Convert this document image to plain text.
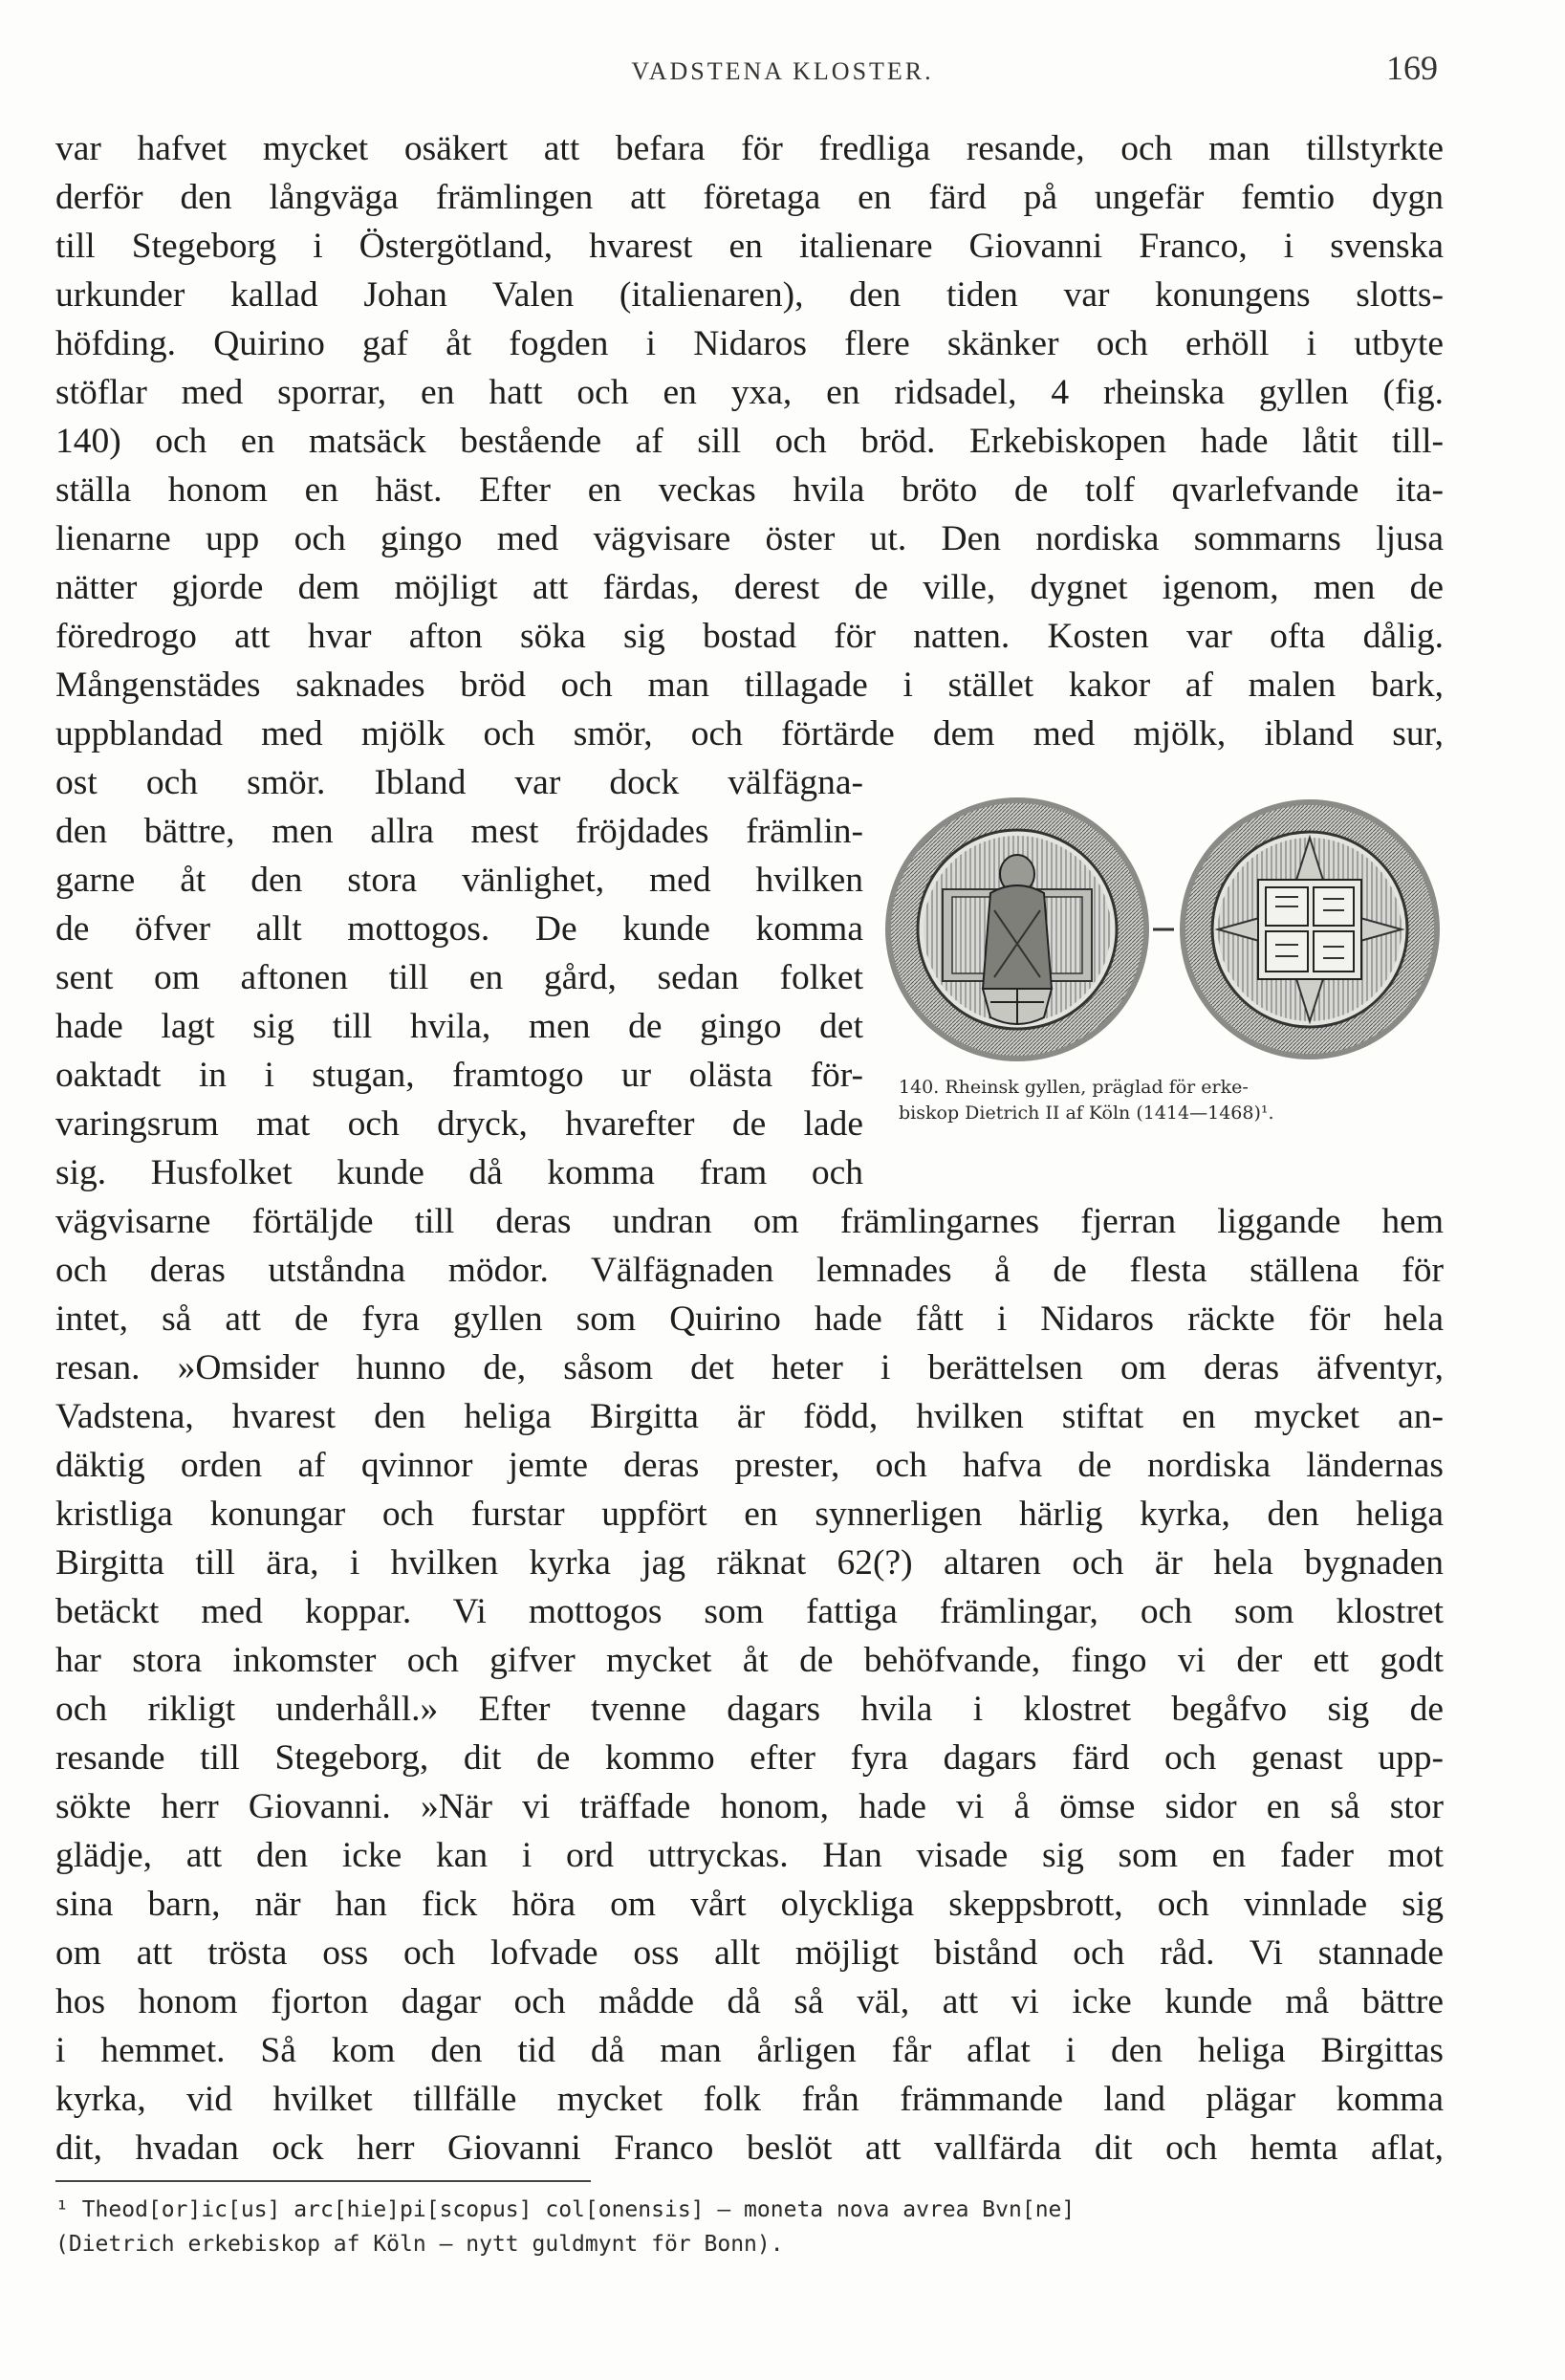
VADSTENA KLOSTER.	169
var hafvet mycket osäkert att befara för fredliga resande, och man tillstyrkte
derför den långväga främlingen att företaga en färd på ungefär femtio dygn
till Stegeborg i Östergötland, hvarest en italienare Giovanni Franco, i svenska
urkunder kallad Johan Valen (italienaren), den tiden var konungens slotts-
höfding. Quirino gaf åt fogden i Nidaros flere skänker och erhöll i utbyte
stöflar med sporrar, en hatt och en yxa, en ridsadel, 4 rheinska gyllen (fig.
140) och en matsäck bestående af sill och bröd. Erkebiskopen hade låtit till-
ställa honom en häst. Efter en veckas hvila bröto de tolf qvarlefvande ita-
lienarne upp och gingo med vägvisare öster ut. Den nordiska sommarns ljusa
nätter gjorde dem möjligt att färdas, derest de ville, dygnet igenom, men de
föredrogo att hvar afton söka sig bostad för natten. Kosten var ofta dålig.
Mångenstädes saknades bröd och man tillagade i stället kakor af malen bark,
uppblandad med mjölk och smör, och förtärde dem med mjölk, ibland sur,
ost och smör. Ibland var dock välfägna-
den bättre, men allra mest fröjdades främlin-
garne åt den stora vänlighet, med hvilken
de öfver allt mottogos. De kunde komma
sent om aftonen till en gård, sedan folket
hade lagt sig till hvila, men de gingo det
oaktadt in i stugan, framtogo ur olästa för-
varingsrum mat och dryck, hvarefter de lade
sig. Husfolket kunde då komma fram och
vägvisarne förtäljde till deras undran om främlingarnes fjerran liggande hem
och deras utståndna mödor. Välfägnaden lemnades å de flesta ställena för
intet, så att de fyra gyllen som Quirino hade fått i Nidaros räckte för hela
resan. »Omsider hunno de, såsom det heter i berättelsen om deras äfventyr,
Vadstena, hvarest den heliga Birgitta är född, hvilken stiftat en mycket an-
däktig orden af qvinnor jemte deras prester, och hafva de nordiska ländernas
kristliga konungar och furstar uppfört en synnerligen härlig kyrka, den heliga
Birgitta till ära, i hvilken kyrka jag räknat 62(?) altaren och är hela bygnaden
betäckt med koppar. Vi mottogos som fattiga främlingar, och som klostret
har stora inkomster och gifver mycket åt de behöfvande, fingo vi der ett godt
och rikligt underhåll.» Efter tvenne dagars hvila i klostret begåfvo sig de
resande till Stegeborg, dit de kommo efter fyra dagars färd och genast upp-
sökte herr Giovanni. »När vi träffade honom, hade vi å ömse sidor en så stor
glädje, att den icke kan i ord uttryckas. Han visade sig som en fader mot
sina barn, när han fick höra om vårt olyckliga skeppsbrott, och vinnlade sig
om att trösta oss och lofvade oss allt möjligt bistånd och råd. Vi stannade
hos honom fjorton dagar och mådde då så väl, att vi icke kunde må bättre
i hemmet. Så kom den tid då man årligen får aflat i den heliga Birgittas
kyrka, vid hvilket tillfälle mycket folk från främmande land plägar komma
dit, hvadan ock herr Giovanni Franco beslöt att vallfärda dit och hemta aflat,
140. Rheinsk gyllen, präglad för erke-
biskop Dietrich II af Köln (1414—1468)¹.
¹ Theod[or]ic[us] arc[hie]pi[scopus] col[onensis] — moneta nova avrea Bvn[ne]
(Dietrich erkebiskop af Köln — nytt guldmynt för Bonn).
